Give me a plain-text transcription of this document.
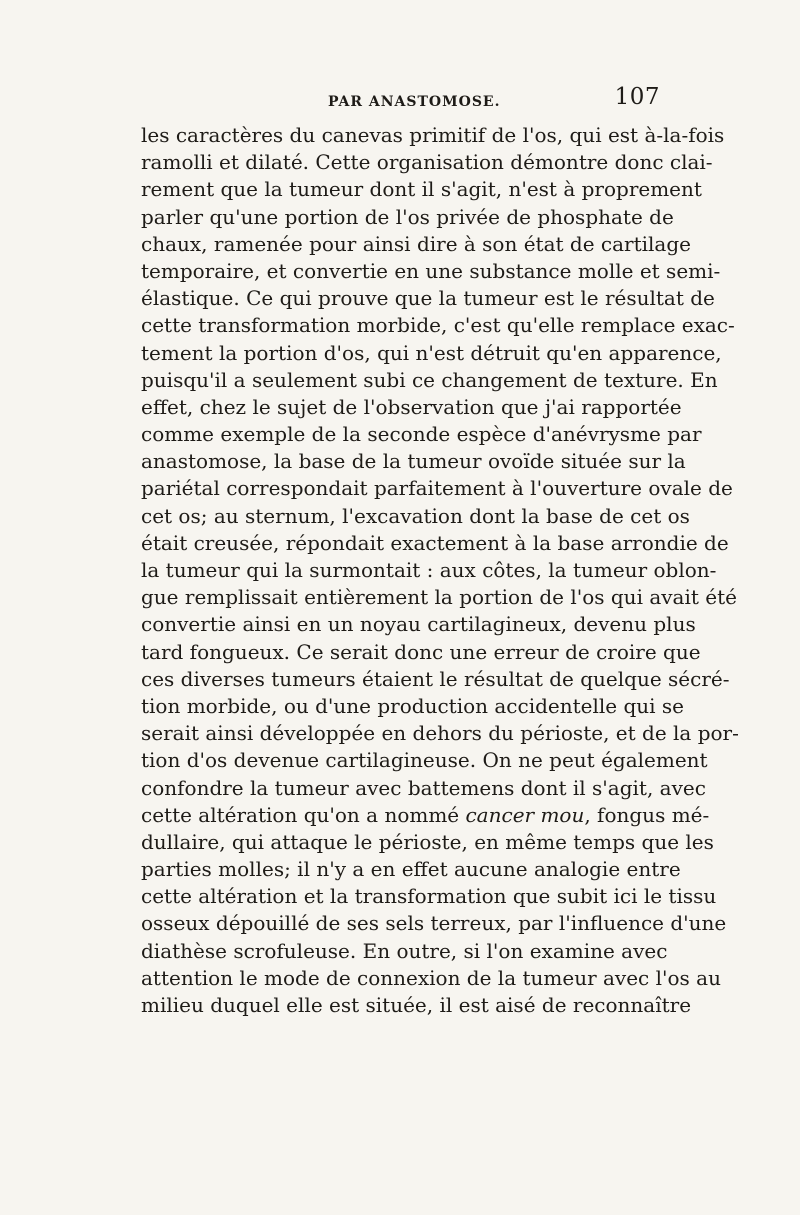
PAR ANASTOMOSE.	107
les caractères du canevas primitif de l'os, qui est à-la-fois
ramolli et dilaté. Cette organisation démontre donc clai-
rement que la tumeur dont il s'agit, n'est à proprement
parler qu'une portion de l'os privée de phosphate de
chaux, ramenée pour ainsi dire à son état de cartilage
temporaire, et convertie en une substance molle et semi-
élastique. Ce qui prouve que la tumeur est le résultat de
cette transformation morbide, c'est qu'elle remplace exac-
tement la portion d'os, qui n'est détruit qu'en apparence,
puisqu'il a seulement subi ce changement de texture. En
effet, chez le sujet de l'observation que j'ai rapportée
comme exemple de la seconde espèce d'anévrysme par
anastomose, la base de la tumeur ovoïde située sur la
pariétal correspondait parfaitement à l'ouverture ovale de
cet os; au sternum, l'excavation dont la base de cet os
était creusée, répondait exactement à la base arrondie de
la tumeur qui la surmontait : aux côtes, la tumeur oblon-
gue remplissait entièrement la portion de l'os qui avait été
convertie ainsi en un noyau cartilagineux, devenu plus
tard fongueux. Ce serait donc une erreur de croire que
ces diverses tumeurs étaient le résultat de quelque sécré-
tion morbide, ou d'une production accidentelle qui se
serait ainsi développée en dehors du périoste, et de la por-
tion d'os devenue cartilagineuse. On ne peut également
confondre la tumeur avec battemens dont il s'agit, avec
cette altération qu'on a nommé cancer mou, fongus mé-
dullaire, qui attaque le périoste, en même temps que les
parties molles; il n'y a en effet aucune analogie entre
cette altération et la transformation que subit ici le tissu
osseux dépouillé de ses sels terreux, par l'influence d'une
diathèse scrofuleuse. En outre, si l'on examine avec
attention le mode de connexion de la tumeur avec l'os au
milieu duquel elle est située, il est aisé de reconnaître
